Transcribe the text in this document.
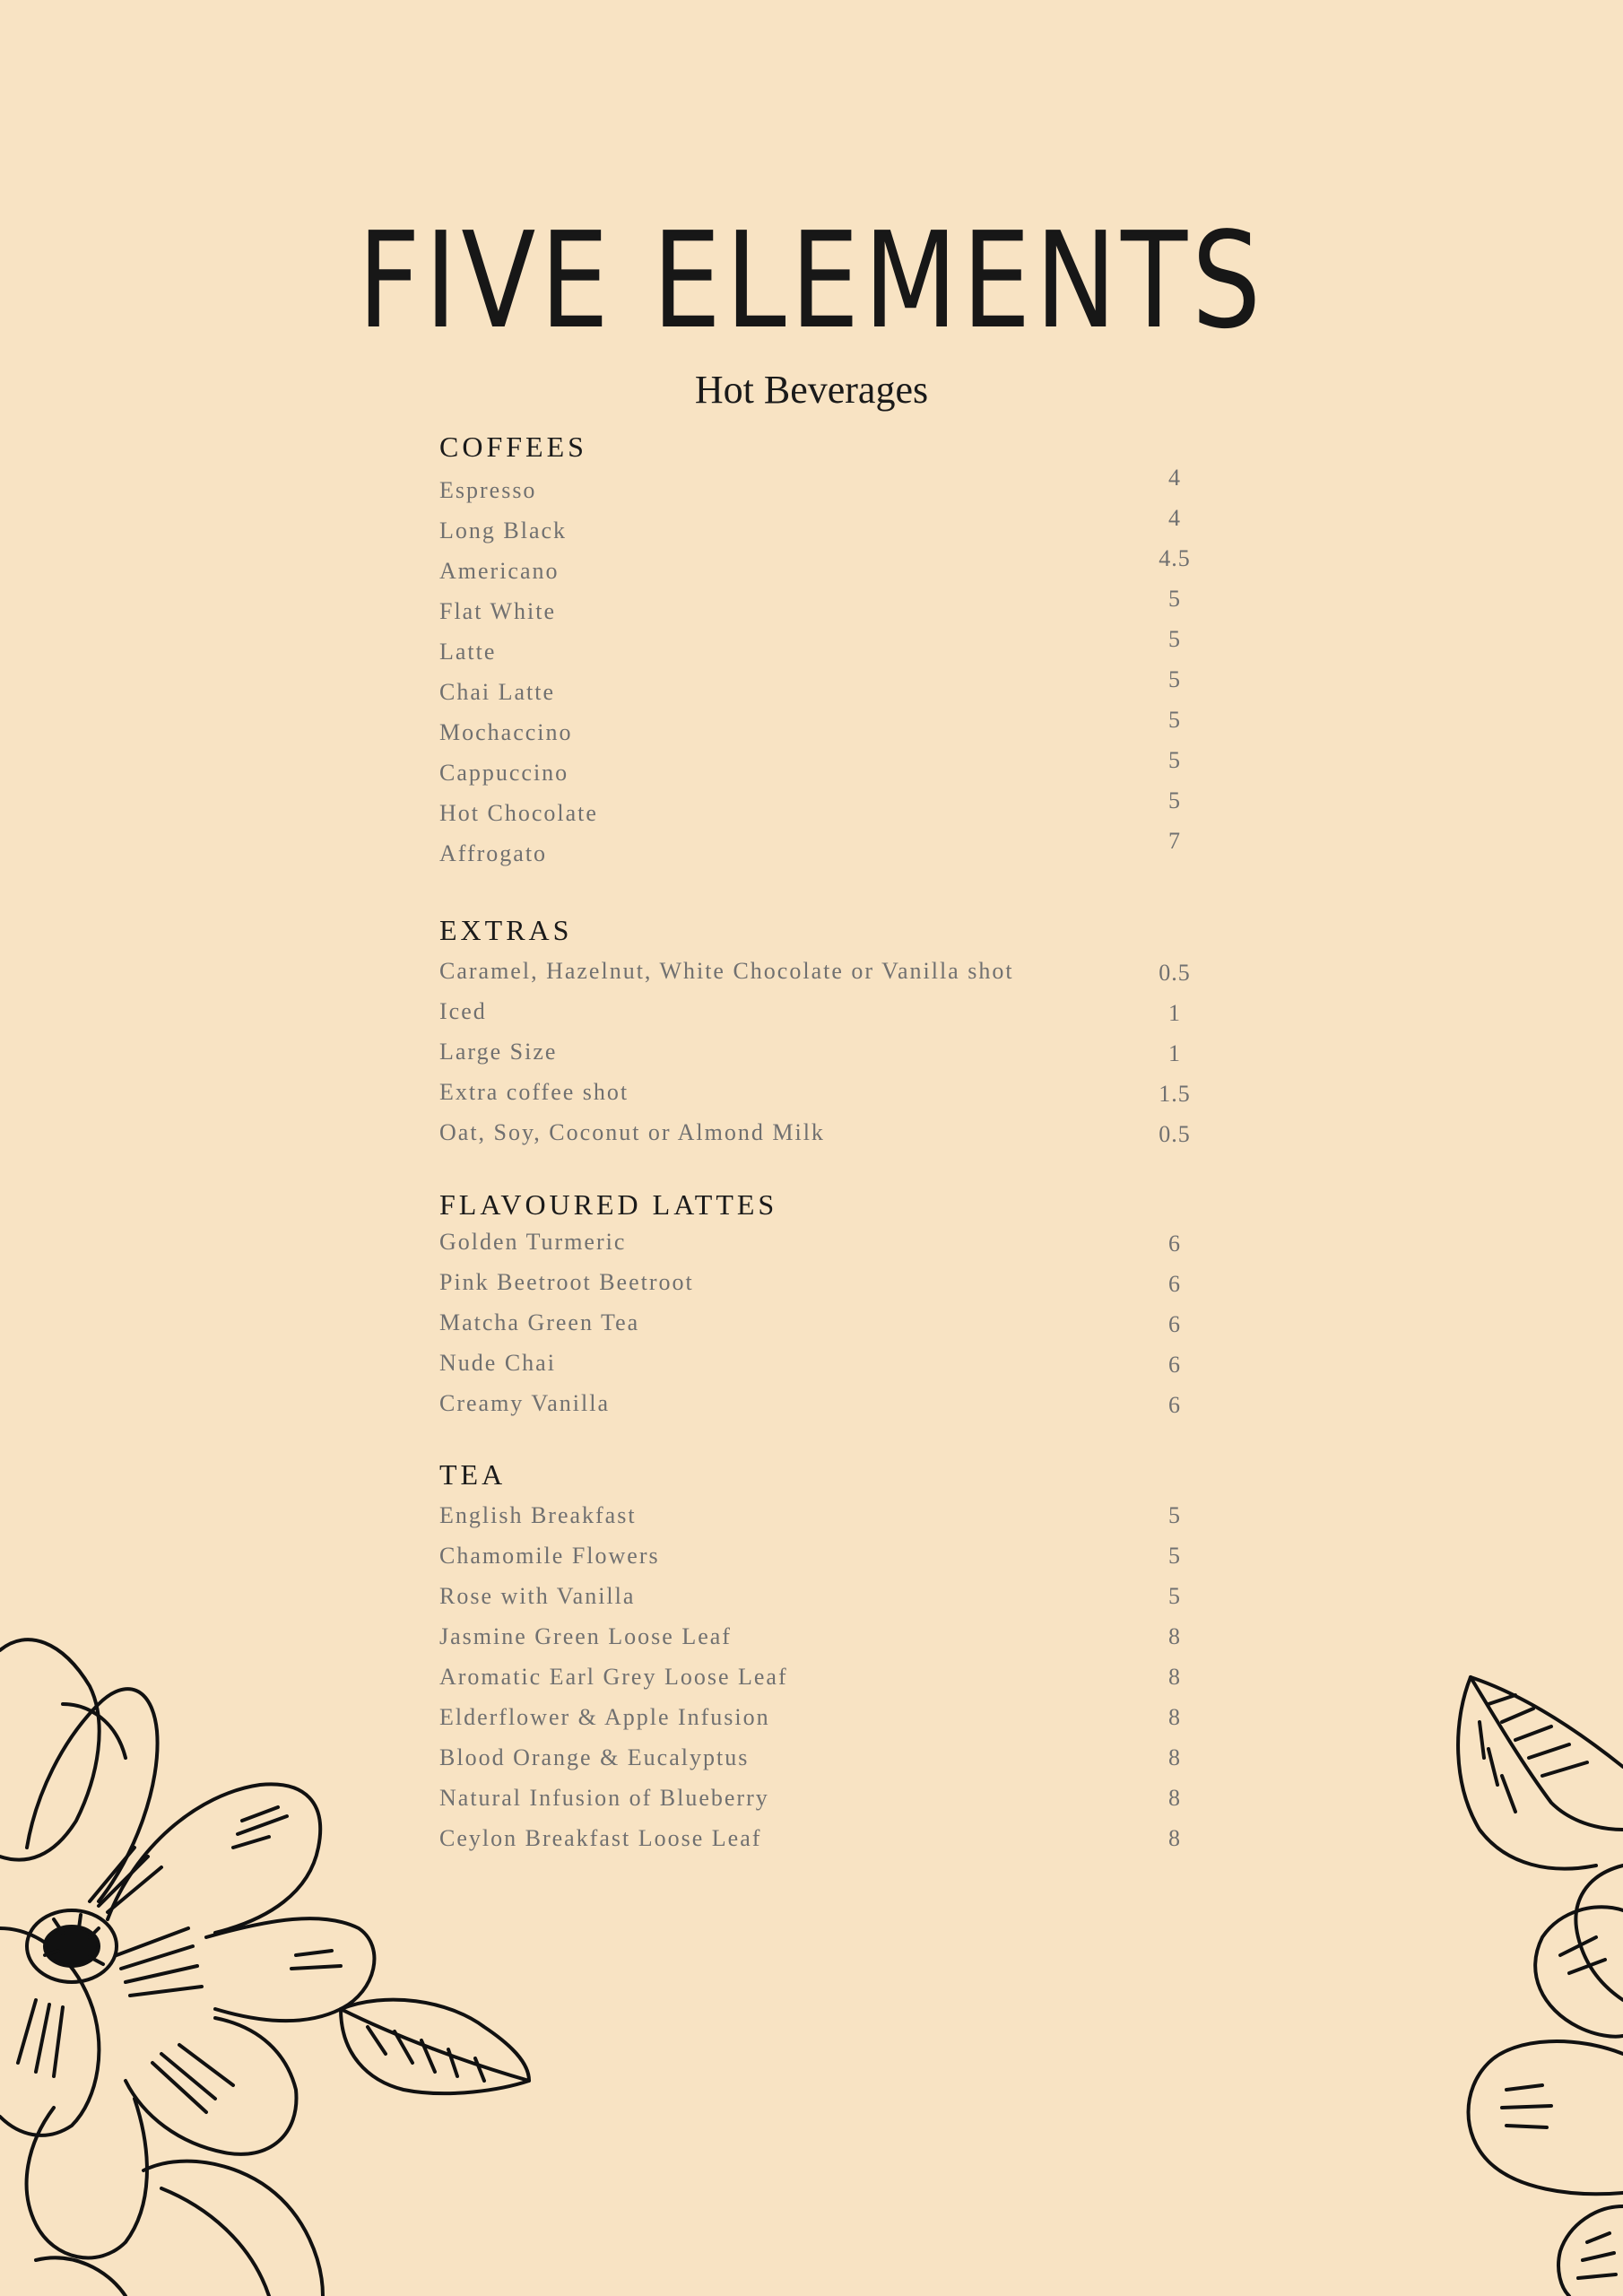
FIVE ELEMENTS
Hot Beverages
COFFEES
Espresso	4
Long Black	4
Americano	4.5
Flat White	5
Latte	5
Chai Latte	5
Mochaccino	5
Cappuccino	5
Hot Chocolate	5
Affrogato	7
EXTRAS
Caramel, Hazelnut, White Chocolate or Vanilla shot	0.5
Iced	1
Large Size	1
Extra coffee shot	1.5
Oat, Soy, Coconut or Almond Milk	0.5
FLAVOURED LATTES
Golden Turmeric	6
Pink Beetroot Beetroot	6
Matcha Green Tea	6
Nude Chai	6
Creamy Vanilla	6
TEA
English Breakfast	5
Chamomile Flowers	5
Rose with Vanilla	5
Jasmine Green Loose Leaf	8
Aromatic Earl Grey Loose Leaf	8
Elderflower & Apple Infusion	8
Blood Orange & Eucalyptus	8
Natural Infusion of Blueberry	8
Ceylon Breakfast Loose Leaf	8
